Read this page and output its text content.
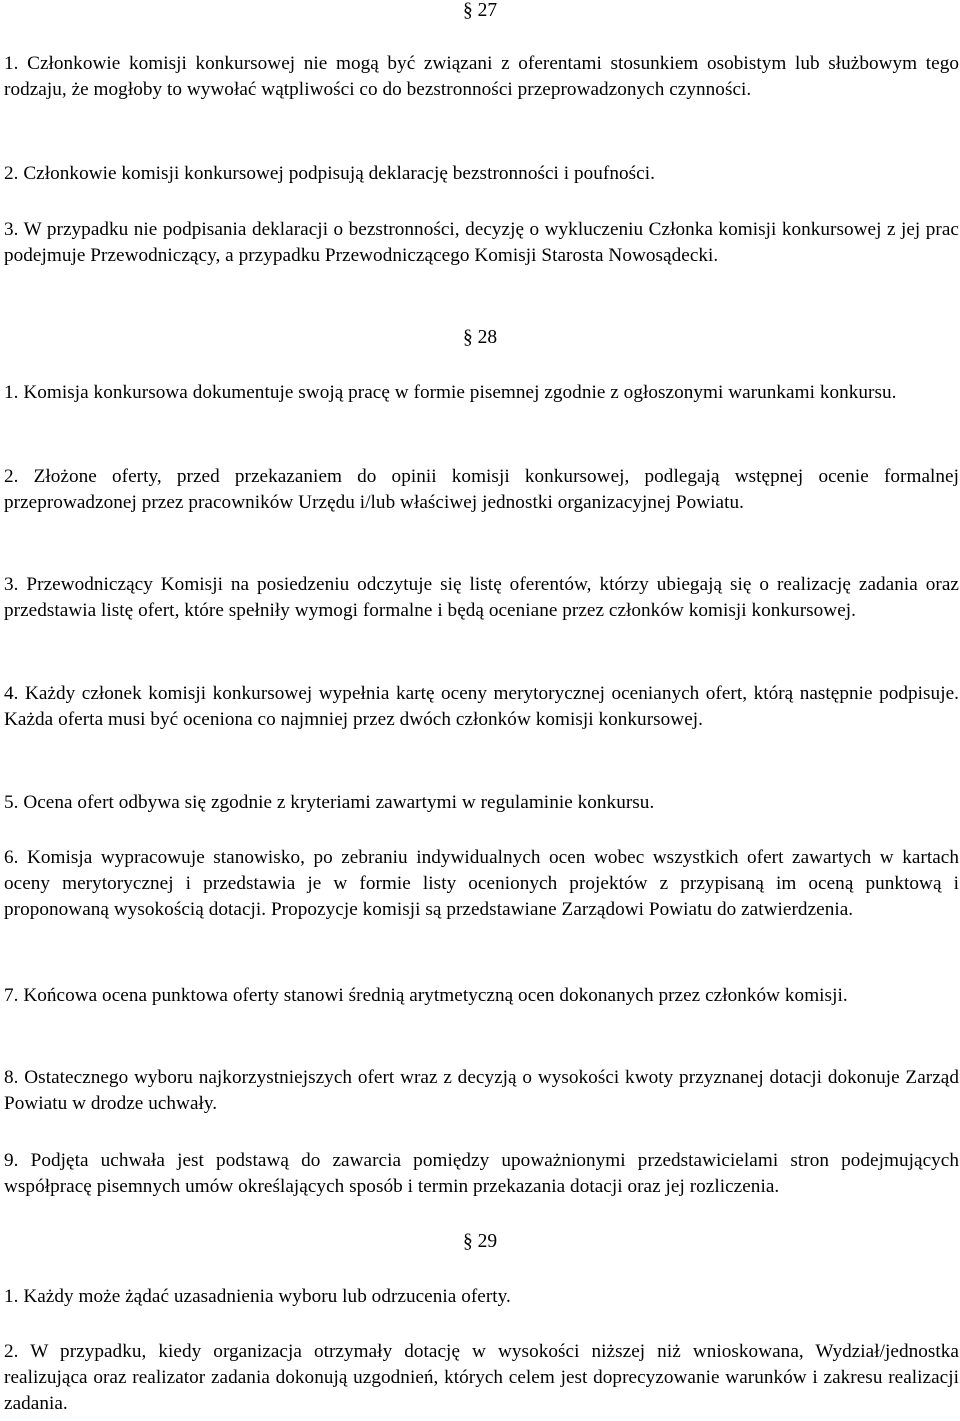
§ 27
1. Członkowie komisji konkursowej nie mogą być związani z oferentami stosunkiem osobistym lub służbowym tego rodzaju, że mogłoby to wywołać wątpliwości co do bezstronności przeprowadzonych czynności.
2. Członkowie komisji konkursowej podpisują deklarację bezstronności i poufności.
3. W przypadku nie podpisania deklaracji o bezstronności, decyzję o wykluczeniu Członka komisji konkursowej z jej prac podejmuje Przewodniczący, a przypadku Przewodniczącego Komisji Starosta Nowosądecki.
§ 28
1. Komisja konkursowa dokumentuje swoją pracę w formie pisemnej zgodnie z ogłoszonymi warunkami konkursu.
2. Złożone oferty, przed przekazaniem do opinii komisji konkursowej, podlegają wstępnej ocenie formalnej przeprowadzonej przez pracowników Urzędu i/lub właściwej jednostki organizacyjnej Powiatu.
3. Przewodniczący Komisji na posiedzeniu odczytuje się listę oferentów, którzy ubiegają się o realizację zadania oraz przedstawia listę ofert, które spełniły wymogi formalne i będą oceniane przez członków komisji konkursowej.
4. Każdy członek komisji konkursowej wypełnia kartę oceny merytorycznej ocenianych ofert, którą następnie podpisuje. Każda oferta musi być oceniona co najmniej przez dwóch członków komisji konkursowej.
5. Ocena ofert odbywa się zgodnie z kryteriami zawartymi w regulaminie konkursu.
6. Komisja wypracowuje stanowisko, po zebraniu indywidualnych ocen wobec wszystkich ofert zawartych w kartach oceny merytorycznej i przedstawia je w formie listy ocenionych projektów z przypisaną im oceną punktową i proponowaną wysokością dotacji. Propozycje komisji są przedstawiane Zarządowi Powiatu do zatwierdzenia.
7. Końcowa ocena punktowa oferty stanowi średnią arytmetyczną ocen dokonanych przez członków komisji.
8. Ostatecznego wyboru najkorzystniejszych ofert wraz z decyzją o wysokości kwoty przyznanej dotacji dokonuje Zarząd Powiatu w drodze uchwały.
9. Podjęta uchwała jest podstawą do zawarcia pomiędzy upoważnionymi przedstawicielami stron podejmujących współpracę pisemnych umów określających sposób i termin przekazania dotacji oraz jej rozliczenia.
§ 29
1. Każdy może żądać uzasadnienia wyboru lub odrzucenia oferty.
2. W przypadku, kiedy organizacja otrzymały dotację w wysokości niższej niż wnioskowana, Wydział/jednostka realizująca oraz realizator zadania dokonują uzgodnień, których celem jest doprecyzowanie warunków i zakresu realizacji zadania.
